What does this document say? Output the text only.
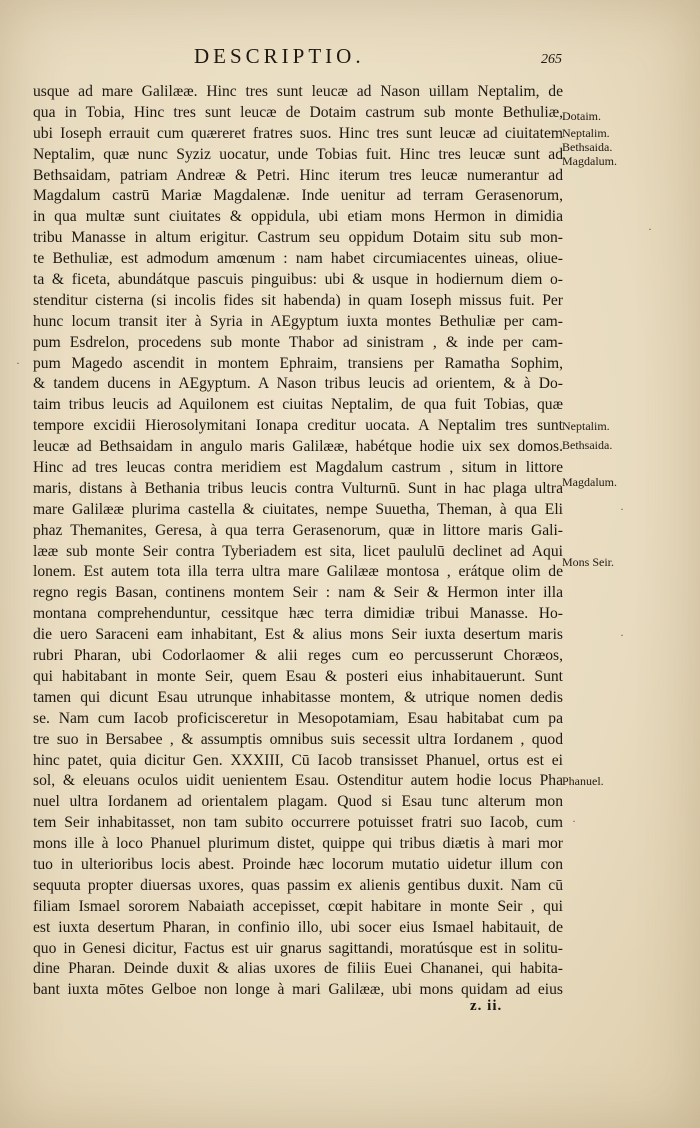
DESCRIPTIO.	265
usque ad mare Galilææ. Hinc tres sunt leucæ ad Nason uillam Neptalim, de
qua in Tobia, Hinc tres sunt leucæ de Dotaim castrum sub monte Bethuliæ,
ubi Ioseph errauit cum quæreret fratres suos. Hinc tres sunt leucæ ad ciuitatem
Neptalim, quæ nunc Syziz uocatur, unde Tobias fuit. Hinc tres leucæ sunt ad
Bethsaidam, patriam Andreæ & Petri. Hinc iterum tres leucæ numerantur ad
Magdalum castrū Mariæ Magdalenæ. Inde uenitur ad terram Gerasenorum,
in qua multæ sunt ciuitates & oppidula, ubi etiam mons Hermon in dimidia
tribu Manasse in altum erigitur. Castrum seu oppidum Dotaim situ sub mon-
te Bethuliæ, est admodum amœnum : nam habet circumiacentes uineas, oliue-
ta & ficeta, abundátque pascuis pinguibus: ubi & usque in hodiernum diem o-
stenditur cisterna (si incolis fides sit habenda) in quam Ioseph missus fuit. Per
hunc locum transit iter à Syria in AEgyptum iuxta montes Bethuliæ per cam-
pum Esdrelon, procedens sub monte Thabor ad sinistram , & inde per cam-
pum Magedo ascendit in montem Ephraim, transiens per Ramatha Sophim,
& tandem ducens in AEgyptum. A Nason tribus leucis ad orientem, & à Do-
taim tribus leucis ad Aquilonem est ciuitas Neptalim, de qua fuit Tobias, quæ
tempore excidii Hierosolymitani Ionapa creditur uocata. A Neptalim tres sunt
leucæ ad Bethsaidam in angulo maris Galilææ, habétque hodie uix sex domos.
Hinc ad tres leucas contra meridiem est Magdalum castrum , situm in littore
maris, distans à Bethania tribus leucis contra Vulturnū. Sunt in hac plaga ultra
mare Galilææ plurima castella & ciuitates, nempe Suuetha, Theman, à qua Eli
phaz Themanites, Geresa, à qua terra Gerasenorum, quæ in littore maris Gali-
lææ sub monte Seir contra Tyberiadem est sita, licet paululū declinet ad Aqui
lonem. Est autem tota illa terra ultra mare Galilææ montosa , erátque olim de
regno regis Basan, continens montem Seir : nam & Seir & Hermon inter illa
montana comprehenduntur, cessitque hæc terra dimidiæ tribui Manasse. Ho-
die uero Saraceni eam inhabitant, Est & alius mons Seir iuxta desertum maris
rubri Pharan, ubi Codorlaomer & alii reges cum eo percusserunt Choræos,
qui habitabant in monte Seir, quem Esau & posteri eius inhabitauerunt. Sunt
tamen qui dicunt Esau utrunque inhabitasse montem, & utrique nomen dedis
se. Nam cum Iacob proficisceretur in Mesopotamiam, Esau habitabat cum pa
tre suo in Bersabee , & assumptis omnibus suis secessit ultra Iordanem , quod
hinc patet, quia dicitur Gen. XXXIII, Cū Iacob transisset Phanuel, ortus est ei
sol, & eleuans oculos uidit uenientem Esau. Ostenditur autem hodie locus Pha
nuel ultra Iordanem ad orientalem plagam. Quod si Esau tunc alterum mon
tem Seir inhabitasset, non tam subito occurrere potuisset fratri suo Iacob, cum
mons ille à loco Phanuel plurimum distet, quippe qui tribus diætis à mari mor
tuo in ulterioribus locis abest. Proinde hæc locorum mutatio uidetur illum con
sequuta propter diuersas uxores, quas passim ex alienis gentibus duxit. Nam cū
filiam Ismael sororem Nabaiath accepisset, cœpit habitare in monte Seir , qui
est iuxta desertum Pharan, in confinio illo, ubi socer eius Ismael habitauit, de
quo in Genesi dicitur, Factus est uir gnarus sagittandi, moratúsque est in solitu-
dine Pharan. Deinde duxit & alias uxores de filiis Euei Chananei, qui habita-
bant iuxta mōtes Gelboe non longe à mari Galilææ, ubi mons quidam ad eius
Dotaim.
Neptalim.
Bethsaida.
Magdalum.
Neptalim.
Bethsaida.
Magdalum.
Mons Seir.
Phanuel.
z. ii.
·
·
·
·
·
